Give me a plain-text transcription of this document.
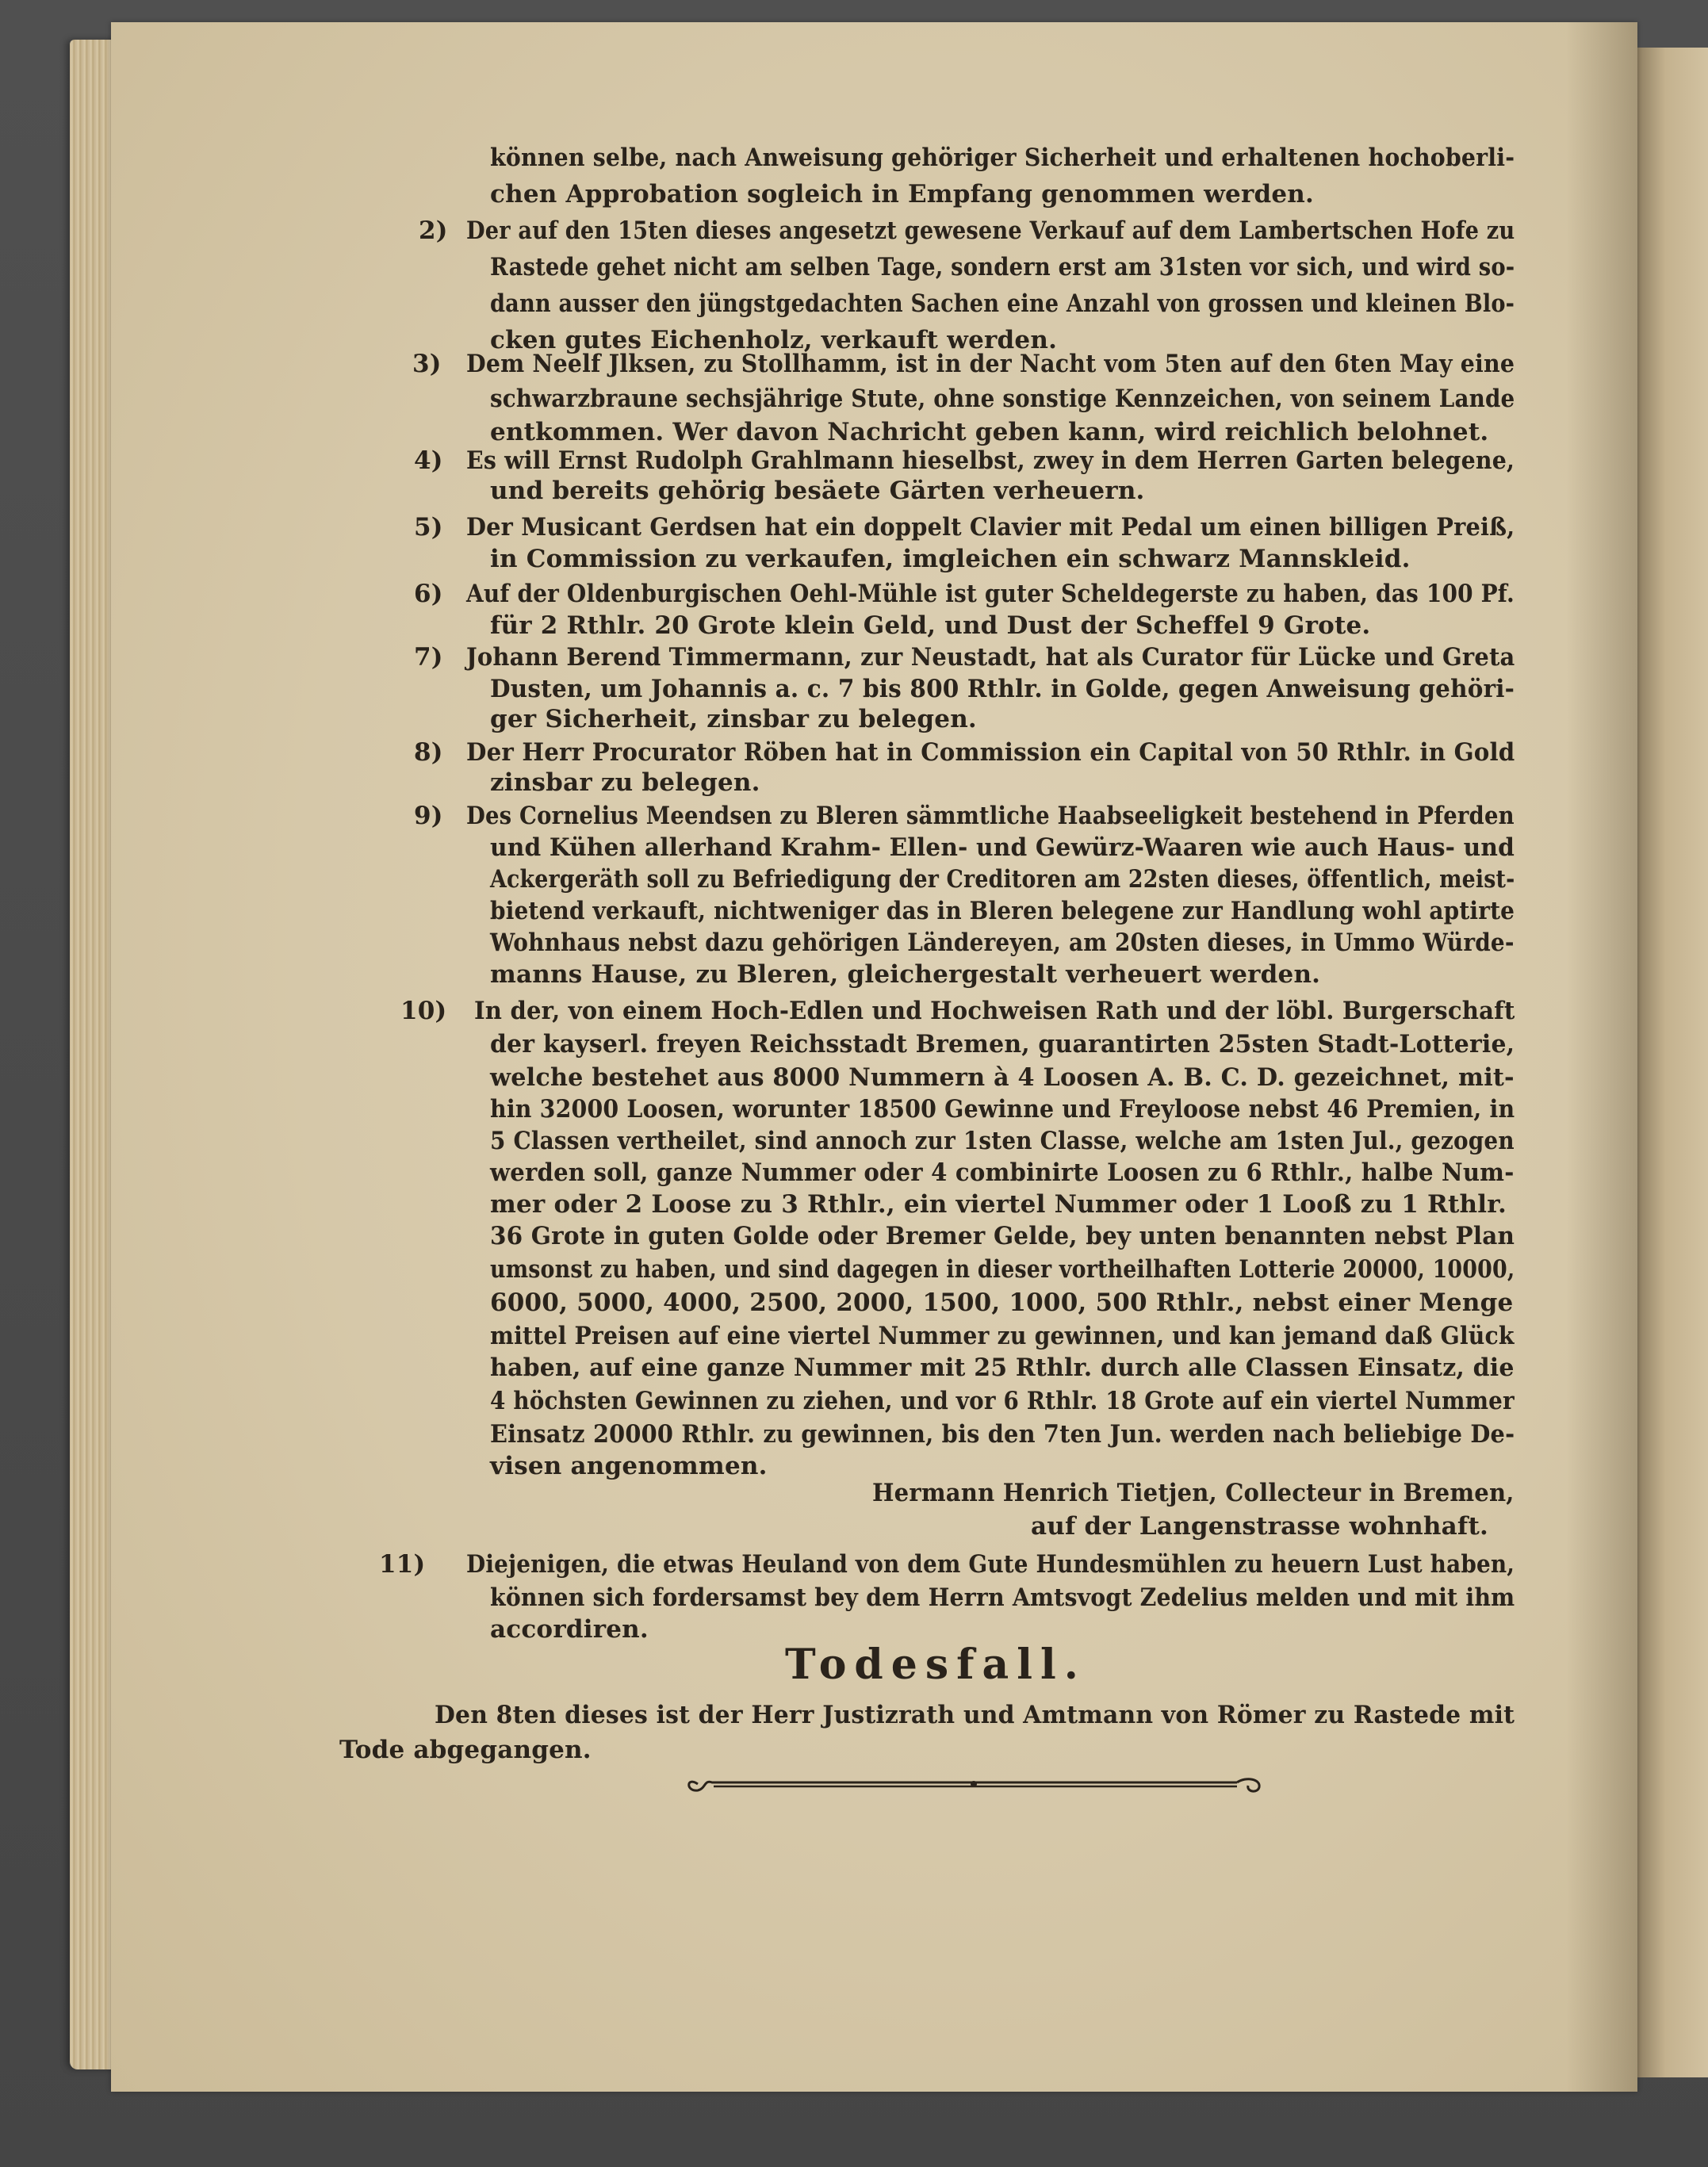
können selbe, nach Anweisung gehöriger Sicherheit und erhaltenen hochoberli-
chen Approbation sogleich in Empfang genommen werden.
2) Der auf den 15ten dieses angesetzt gewesene Verkauf auf dem Lambertschen Hofe zu
Rastede gehet nicht am selben Tage, sondern erst am 31sten vor sich, und wird so-
dann ausser den jüngstgedachten Sachen eine Anzahl von grossen und kleinen Blo-
cken gutes Eichenholz, verkauft werden.
3) Dem Neelf Jlksen, zu Stollhamm, ist in der Nacht vom 5ten auf den 6ten May eine
schwarzbraune sechsjährige Stute, ohne sonstige Kennzeichen, von seinem Lande
entkommen. Wer davon Nachricht geben kann, wird reichlich belohnet.
4) Es will Ernst Rudolph Grahlmann hieselbst, zwey in dem Herren Garten belegene,
und bereits gehörig besäete Gärten verheuern.
5) Der Musicant Gerdsen hat ein doppelt Clavier mit Pedal um einen billigen Preiß,
in Commission zu verkaufen, imgleichen ein schwarz Mannskleid.
6) Auf der Oldenburgischen Oehl-Mühle ist guter Scheldegerste zu haben, das 100 Pf.
für 2 Rthlr. 20 Grote klein Geld, und Dust der Scheffel 9 Grote.
7) Johann Berend Timmermann, zur Neustadt, hat als Curator für Lücke und Greta
Dusten, um Johannis a. c. 7 bis 800 Rthlr. in Golde, gegen Anweisung gehöri-
ger Sicherheit, zinsbar zu belegen.
8) Der Herr Procurator Röben hat in Commission ein Capital von 50 Rthlr. in Gold
zinsbar zu belegen.
9) Des Cornelius Meendsen zu Bleren sämmtliche Haabseeligkeit bestehend in Pferden
und Kühen allerhand Krahm- Ellen- und Gewürz-Waaren wie auch Haus- und
Ackergeräth soll zu Befriedigung der Creditoren am 22sten dieses, öffentlich, meist-
bietend verkauft, nichtweniger das in Bleren belegene zur Handlung wohl aptirte
Wohnhaus nebst dazu gehörigen Ländereyen, am 20sten dieses, in Ummo Würde-
manns Hause, zu Bleren, gleichergestalt verheuert werden.
10) In der, von einem Hoch-Edlen und Hochweisen Rath und der löbl. Burgerschaft
der kayserl. freyen Reichsstadt Bremen, guarantirten 25sten Stadt-Lotterie,
welche bestehet aus 8000 Nummern à 4 Loosen A. B. C. D. gezeichnet, mit-
hin 32000 Loosen, worunter 18500 Gewinne und Freyloose nebst 46 Premien, in
5 Classen vertheilet, sind annoch zur 1sten Classe, welche am 1sten Jul., gezogen
werden soll, ganze Nummer oder 4 combinirte Loosen zu 6 Rthlr., halbe Num-
mer oder 2 Loose zu 3 Rthlr., ein viertel Nummer oder 1 Looß zu 1 Rthlr.
36 Grote in guten Golde oder Bremer Gelde, bey unten benannten nebst Plan
umsonst zu haben, und sind dagegen in dieser vortheilhaften Lotterie 20000, 10000,
6000, 5000, 4000, 2500, 2000, 1500, 1000, 500 Rthlr., nebst einer Menge
mittel Preisen auf eine viertel Nummer zu gewinnen, und kan jemand daß Glück
haben, auf eine ganze Nummer mit 25 Rthlr. durch alle Classen Einsatz, die
4 höchsten Gewinnen zu ziehen, und vor 6 Rthlr. 18 Grote auf ein viertel Nummer
Einsatz 20000 Rthlr. zu gewinnen, bis den 7ten Jun. werden nach beliebige De-
visen angenommen.
Hermann Henrich Tietjen, Collecteur in Bremen,
auf der Langenstrasse wohnhaft.
11) Diejenigen, die etwas Heuland von dem Gute Hundesmühlen zu heuern Lust haben,
können sich fordersamst bey dem Herrn Amtsvogt Zedelius melden und mit ihm
accordiren.
Todesfall.
Den 8ten dieses ist der Herr Justizrath und Amtmann von Römer zu Rastede mit
Tode abgegangen.
